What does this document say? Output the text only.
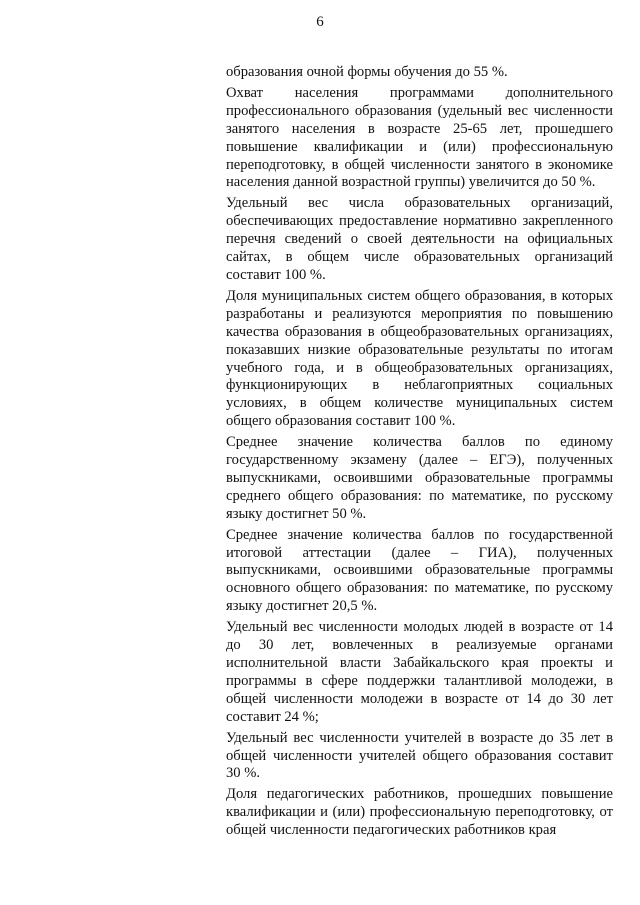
6

образования очной формы обучения до 55 %.

Охват населения программами дополнительного профессионального образования (удельный вес численности занятого населения в возрасте 25-65 лет, прошедшего повышение квалификации и (или) профессиональную переподготовку, в общей численности занятого в экономике населения данной возрастной группы) увеличится до 50 %.

Удельный вес числа образовательных организаций, обеспечивающих предоставление нормативно закрепленного перечня сведений о своей деятельности на официальных сайтах, в общем числе образовательных организаций составит 100 %.

Доля муниципальных систем общего образования, в которых разработаны и реализуются мероприятия по повышению качества образования в общеобразовательных организациях, показавших низкие образовательные результаты по итогам учебного года, и в общеобразовательных организациях, функционирующих в неблагоприятных социальных условиях, в общем количестве муниципальных систем общего образования составит 100 %.

Среднее значение количества баллов по единому государственному экзамену (далее – ЕГЭ), полученных выпускниками, освоившими образовательные программы среднего общего образования: по математике, по русскому языку достигнет 50 %.

Среднее значение количества баллов по государственной итоговой аттестации (далее – ГИА), полученных выпускниками, освоившими образовательные программы основного общего образования: по математике, по русскому языку достигнет 20,5 %.

Удельный вес численности молодых людей в возрасте от 14 до 30 лет, вовлеченных в реализуемые органами исполнительной власти Забайкальского края проекты и программы в сфере поддержки талантливой молодежи, в общей численности молодежи в возрасте от 14 до 30 лет составит 24 %;

Удельный вес численности учителей в возрасте до 35 лет в общей численности учителей общего образования составит 30 %.

Доля педагогических работников, прошедших повышение квалификации и (или) профессиональную переподготовку, от общей численности педагогических работников края
